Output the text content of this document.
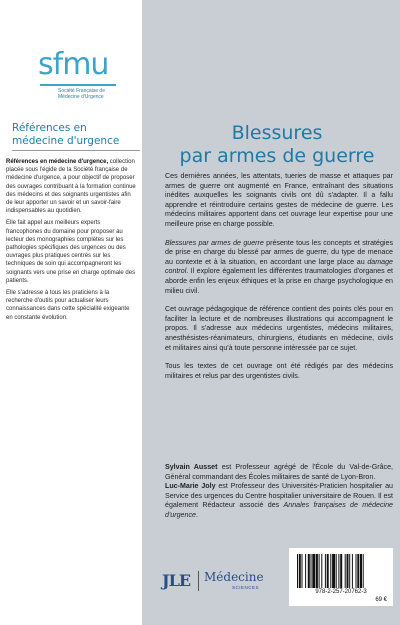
sfmu
Société Française de
Médecine d'Urgence
Références en médecine d'urgence

Références en médecine d'urgence, collection placée sous l'égide de la Société française de médecine d'urgence, a pour objectif de proposer des ouvrages contribuant à la formation continue des médecins et des soignants urgentistes afin de leur apporter un savoir et un savoir-faire indispensables au quotidien.

Elle fait appel aux meilleurs experts francophones du domaine pour proposer au lecteur des monographies complètes sur les pathologies spécifiques des urgences ou des ouvrages plus pratiques centrés sur les techniques de soin qui accompagneront les soignants vers une prise en charge optimale des patients.

Elle s'adresse à tous les praticiens à la recherche d'outils pour actualiser leurs connaissances dans cette spécialité exigeante en constante évolution.

Blessures
par armes de guerre

Ces dernières années, les attentats, tueries de masse et attaques par armes de guerre ont augmenté en France, entraînant des situations inédites auxquelles les soignants civils ont dû s'adapter. Il a fallu apprendre et réintroduire certains gestes de médecine de guerre. Les médecins militaires apportent dans cet ouvrage leur expertise pour une meilleure prise en charge possible.

Blessures par armes de guerre présente tous les concepts et stratégies de prise en charge du blessé par armes de guerre, du type de menace au contexte et à la situation, en accordant une large place au damage control. Il explore également les différentes traumatologies d'organes et aborde enfin les enjeux éthiques et la prise en charge psychologique en milieu civil.

Cet ouvrage pédagogique de référence contient des points clés pour en faciliter la lecture et de nombreuses illustrations qui accompagnent le propos. Il s'adresse aux médecins urgentistes, médecins militaires, anesthésistes-réanimateurs, chirurgiens, étudiants en médecine, civils et militaires ainsi qu'à toute personne intéressée par ce sujet.

Tous les textes de cet ouvrage ont été rédigés par des médecins militaires et relus par des urgentistes civils.

Sylvain Ausset est Professeur agrégé de l'École du Val-de-Grâce, Général commandant des Écoles militaires de santé de Lyon-Bron.

Luc-Marie Joly est Professeur des Universités-Praticien hospitalier au Service des urgences du Centre hospitalier universitaire de Rouen. Il est également Rédacteur associé des Annales françaises de médecine d'urgence.

JLE Médecine
SCIENCES
978-2-257-20762-3
69 €
